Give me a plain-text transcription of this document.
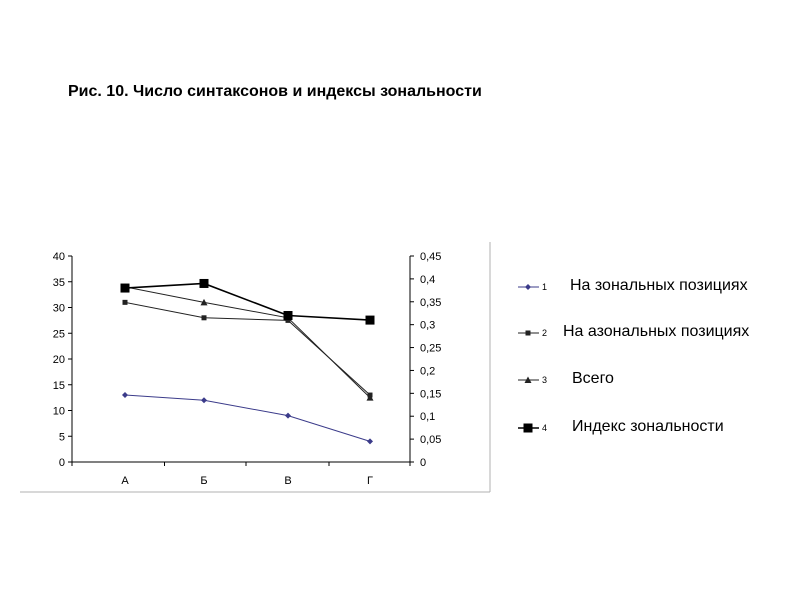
Рис. 10. Число синтаксонов и индексы зональности
0
5
10
15
20
25
30
35
40
0
0,05
0,1
0,15
0,2
0,25
0,3
0,35
0,4
0,45
А	Б	В	Г
1
2
3
4
На зональных позициях
На азональных позициях
Всего
Индекс зональности
